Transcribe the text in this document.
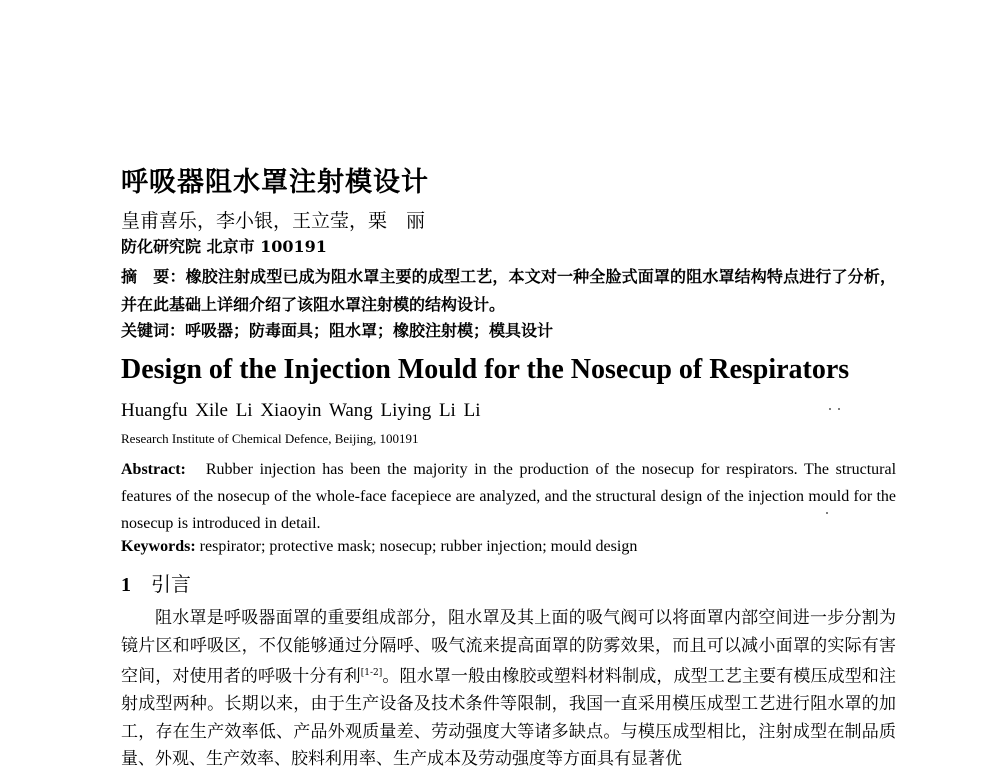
呼吸器阻水罩注射模设计
皇甫喜乐，李小银，王立莹，栗　丽
防化研究院 北京市 100191
摘　要：橡胶注射成型已成为阻水罩主要的成型工艺，本文对一种全脸式面罩的阻水罩结构特点进行了分析，并在此基础上详细介绍了该阻水罩注射模的结构设计。
关键词：呼吸器；防毒面具；阻水罩；橡胶注射模；模具设计
Design of the Injection Mould for the Nosecup of Respirators
Huangfu Xile Li Xiaoyin Wang Liying Li Li
Research Institute of Chemical Defence, Beijing, 100191
Abstract: Rubber injection has been the majority in the production of the nosecup for respirators. The structural features of the nosecup of the whole-face facepiece are analyzed, and the structural design of the injection mould for the nosecup is introduced in detail.
Keywords: respirator; protective mask; nosecup; rubber injection; mould design
1 引言
阻水罩是呼吸器面罩的重要组成部分，阻水罩及其上面的吸气阀可以将面罩内部空间进一步分割为镜片区和呼吸区，不仅能够通过分隔呼、吸气流来提高面罩的防雾效果，而且可以减小面罩的实际有害空间，对使用者的呼吸十分有利[1-2]。阻水罩一般由橡胶或塑料材料制成，成型工艺主要有模压成型和注射成型两种。长期以来，由于生产设备及技术条件等限制，我国一直采用模压成型工艺进行阻水罩的加工，存在生产效率低、产品外观质量差、劳动强度大等诸多缺点。与模压成型相比，注射成型在制品质量、外观、生产效率、胶料利用率、生产成本及劳动强度等方面具有显著优
